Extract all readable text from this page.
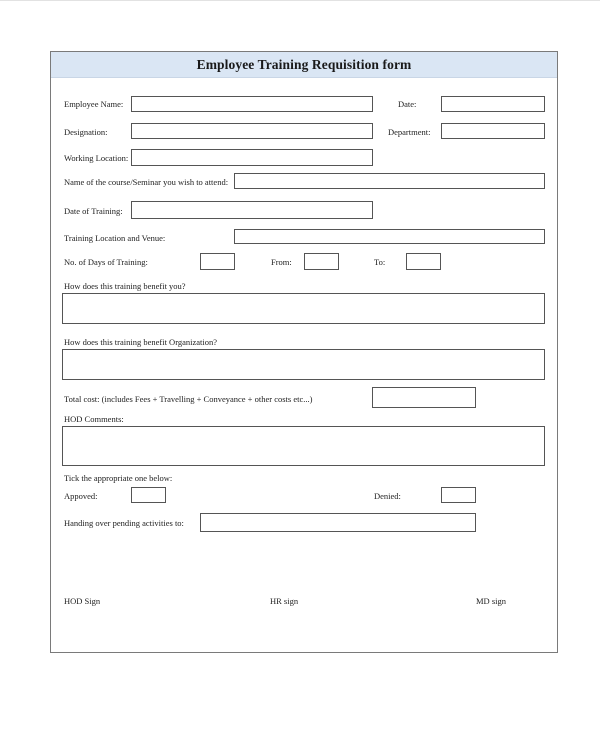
Employee Training Requisition form
Employee Name:	Date:
Designation:	Department:
Working Location:
Name of the course/Seminar you wish to attend:
Date of Training:
Training Location and Venue:
No. of Days of Training:	From:	To:
How does this training benefit you?
How does this training benefit Organization?
Total cost: (includes Fees + Travelling + Conveyance + other costs etc...)
HOD Comments:
Tick the appropriate one below:
Appoved:	Denied:
Handing over pending activities to:
HOD Sign	HR sign	MD sign
